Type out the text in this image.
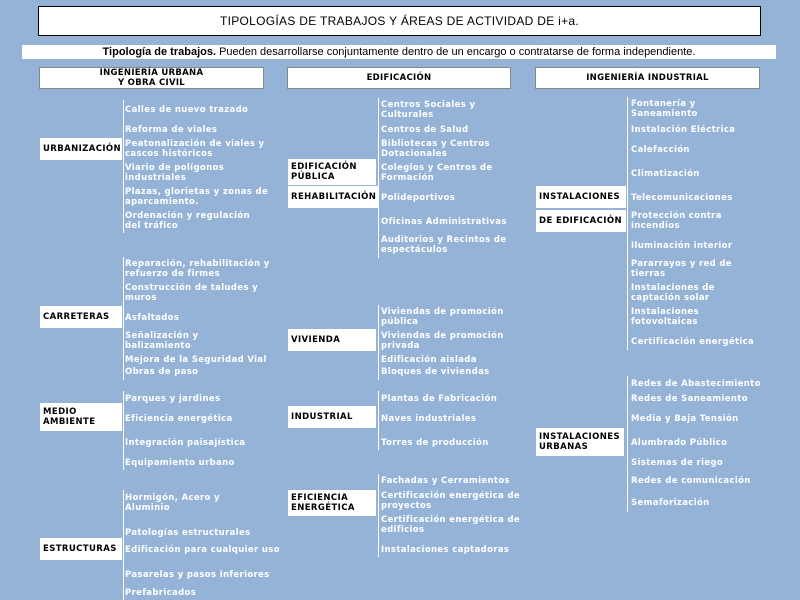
TIPOLOGÍAS DE TRABAJOS Y ÁREAS DE ACTIVIDAD DE i+a.
Tipología de trabajos. Pueden desarrollarse conjuntamente dentro de un encargo o contratarse de forma independiente.
INGENIERÍA URBANA
Y OBRA CIVIL	EDIFICACIÓN	INGENIERÍA INDUSTRIAL
URBANIZACIÓN
CARRETERAS
MEDIO
AMBIENTE
ESTRUCTURAS
EDIFICACIÓN
PÚBLICA
REHABILITACIÓN
VIVIENDA
INDUSTRIAL
EFICIENCIA
ENERGÉTICA
INSTALACIONES
DE EDIFICACIÓN
INSTALACIONES
URBANAS
Calles de nuevo trazado
Reforma de viales
Peatonalización de viales y
cascos históricos
Viario de polígonos
industriales
Plazas, glorietas y zonas de
aparcamiento.
Ordenación y regulación
del tráfico
Reparación, rehabilitación y
refuerzo de firmes
Construcción de taludes y
muros
Asfaltados
Señalización y
balizamiento
Mejora de la Seguridad Vial
Obras de paso
Parques y jardines
Eficiencia energética
Integración paisajística
Equipamiento urbano
Hormigón, Acero y
Aluminio
Patologías estructurales
Edificación para cualquier uso
Pasarelas y pasos inferiores
Prefabricados
Centros Sociales y
Culturales
Centros de Salud
Bibliotecas y Centros
Dotacionales
Colegios y Centros de
Formación
Polideportivos
Oficinas Administrativas
Auditorios y Recintos de
espectáculos
Viviendas de promoción
pública
Viviendas de promoción
privada
Edificación aislada
Bloques de viviendas
Plantas de Fabricación
Naves industriales
Torres de producción
Fachadas y Cerramientos
Certificación energética de
proyectos
Certificación energética de
edificios
Instalaciones captadoras
Fontanería y
Saneamiento
Instalación Eléctrica
Calefacción
Climatización
Telecomunicaciones
Protección contra
incendios
Iluminación interior
Pararrayos y red de
tierras
Instalaciones de
captación solar
Instalaciones
fotovoltaicas
Certificación energética
Redes de Abastecimiento
Redes de Saneamiento
Media y Baja Tensión
Alumbrado Público
Sistemas de riego
Redes de comunicación
Semaforización
